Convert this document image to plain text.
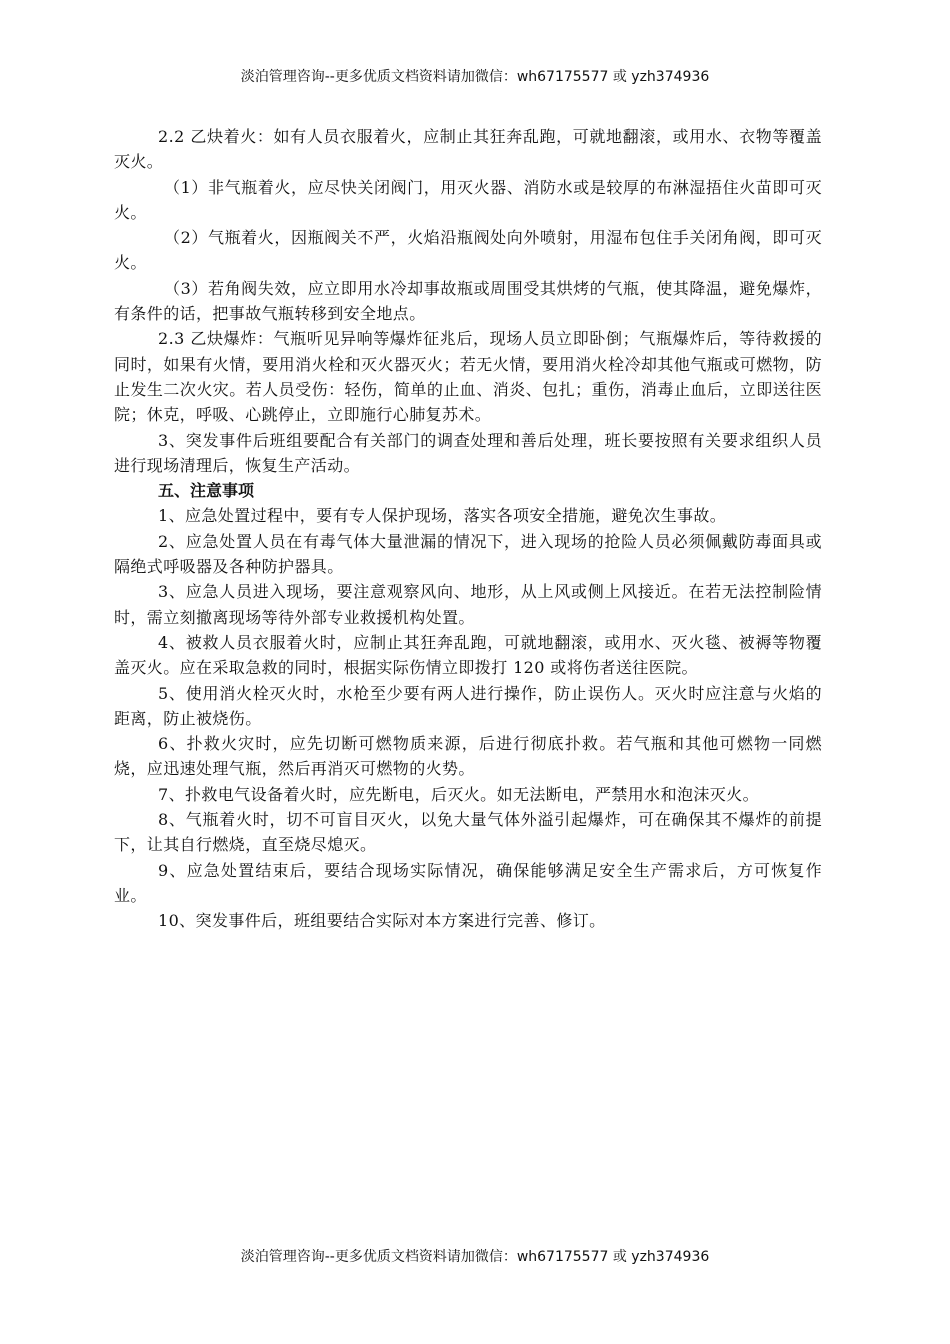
淡泊管理咨询--更多优质文档资料请加微信：wh67175577 或 yzh374936

2.2 乙炔着火：如有人员衣服着火，应制止其狂奔乱跑，可就地翻滚，或用水、衣物等覆盖灭火。

（1）非气瓶着火，应尽快关闭阀门，用灭火器、消防水或是较厚的布淋湿捂住火苗即可灭火。

（2）气瓶着火，因瓶阀关不严，火焰沿瓶阀处向外喷射，用湿布包住手关闭角阀，即可灭火。

（3）若角阀失效，应立即用水冷却事故瓶或周围受其烘烤的气瓶，使其降温，避免爆炸，有条件的话，把事故气瓶转移到安全地点。

2.3 乙炔爆炸：气瓶听见异响等爆炸征兆后，现场人员立即卧倒；气瓶爆炸后，等待救援的同时，如果有火情，要用消火栓和灭火器灭火；若无火情，要用消火栓冷却其他气瓶或可燃物，防止发生二次火灾。若人员受伤：轻伤，简单的止血、消炎、包扎；重伤，消毒止血后，立即送往医院；休克，呼吸、心跳停止，立即施行心肺复苏术。

3、突发事件后班组要配合有关部门的调查处理和善后处理，班长要按照有关要求组织人员进行现场清理后，恢复生产活动。

五、注意事项

1、应急处置过程中，要有专人保护现场，落实各项安全措施，避免次生事故。

2、应急处置人员在有毒气体大量泄漏的情况下，进入现场的抢险人员必须佩戴防毒面具或隔绝式呼吸器及各种防护器具。

3、应急人员进入现场，要注意观察风向、地形，从上风或侧上风接近。在若无法控制险情时，需立刻撤离现场等待外部专业救援机构处置。

4、被救人员衣服着火时，应制止其狂奔乱跑，可就地翻滚，或用水、灭火毯、被褥等物覆盖灭火。应在采取急救的同时，根据实际伤情立即拨打 120 或将伤者送往医院。

5、使用消火栓灭火时，水枪至少要有两人进行操作，防止误伤人。灭火时应注意与火焰的距离，防止被烧伤。

6、扑救火灾时，应先切断可燃物质来源，后进行彻底扑救。若气瓶和其他可燃物一同燃烧，应迅速处理气瓶，然后再消灭可燃物的火势。

7、扑救电气设备着火时，应先断电，后灭火。如无法断电，严禁用水和泡沫灭火。

8、气瓶着火时，切不可盲目灭火，以免大量气体外溢引起爆炸，可在确保其不爆炸的前提下，让其自行燃烧，直至烧尽熄灭。

9、应急处置结束后，要结合现场实际情况，确保能够满足安全生产需求后，方可恢复作业。

10、突发事件后，班组要结合实际对本方案进行完善、修订。

淡泊管理咨询--更多优质文档资料请加微信：wh67175577 或 yzh374936
